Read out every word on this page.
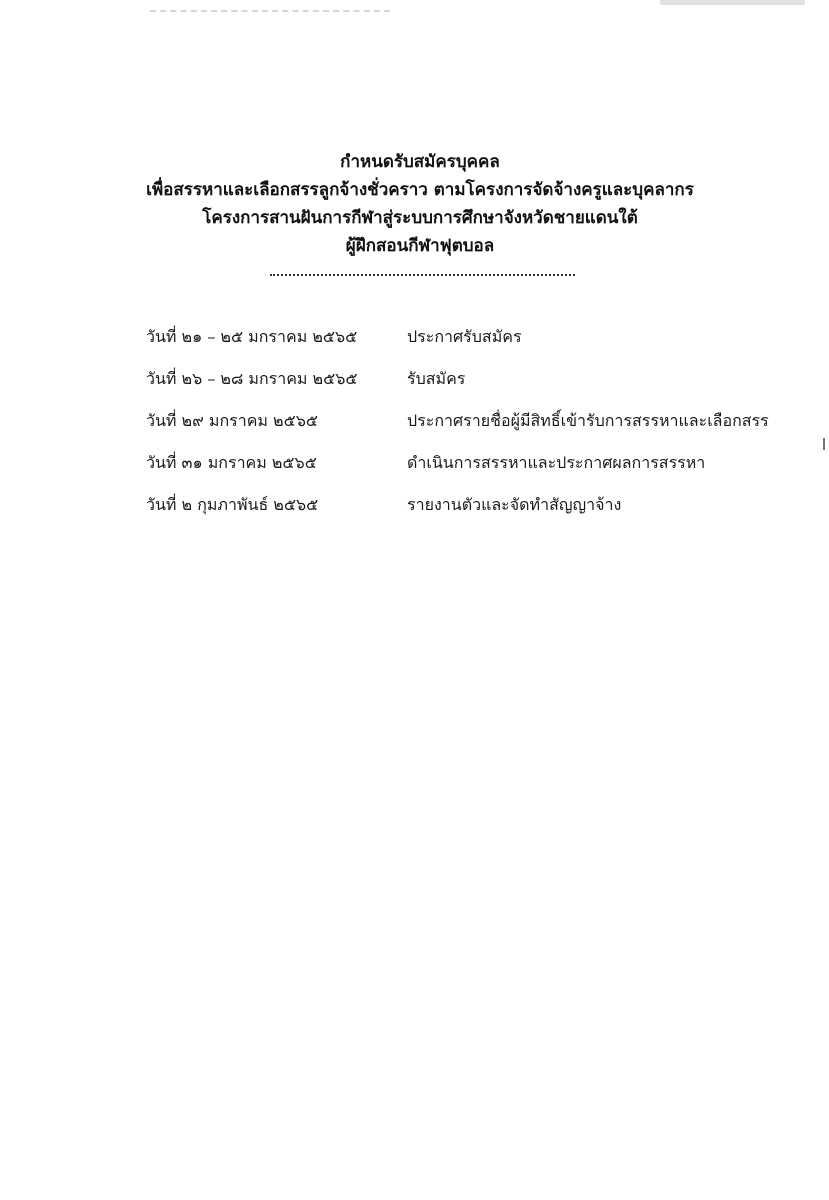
กำหนดรับสมัครบุคคล
เพื่อสรรหาและเลือกสรรลูกจ้างชั่วคราว ตามโครงการจัดจ้างครูและบุคลากร
โครงการสานฝันการกีฬาสู่ระบบการศึกษาจังหวัดชายแดนใต้
ผู้ฝึกสอนกีฬาฟุตบอล
วันที่ ๒๑ – ๒๕ มกราคม ๒๕๖๕	ประกาศรับสมัคร
วันที่ ๒๖ – ๒๘ มกราคม ๒๕๖๕	รับสมัคร
วันที่ ๒๙ มกราคม ๒๕๖๕	ประกาศรายชื่อผู้มีสิทธิ์เข้ารับการสรรหาและเลือกสรร
วันที่ ๓๑ มกราคม ๒๕๖๕	ดำเนินการสรรหาและประกาศผลการสรรหา
วันที่ ๒ กุมภาพันธ์ ๒๕๖๕	รายงานตัวและจัดทำสัญญาจ้าง
